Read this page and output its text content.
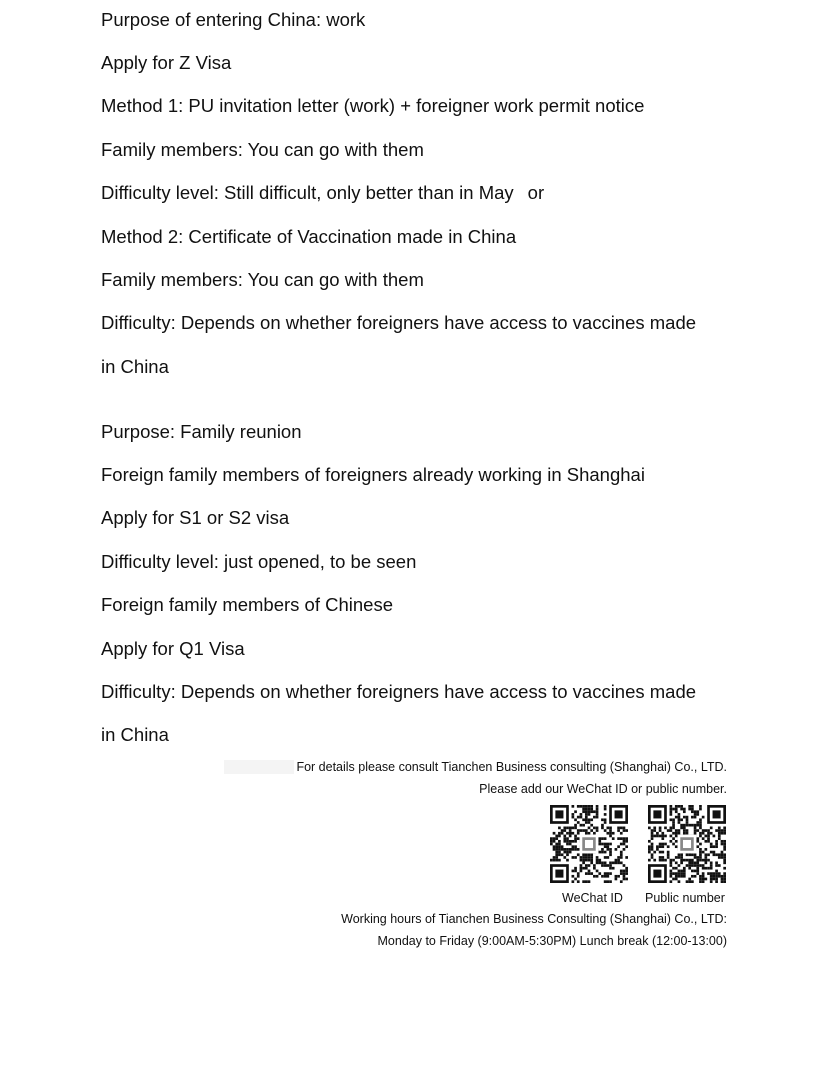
Purpose of entering China: work
Apply for Z Visa
Method 1: PU invitation letter (work) + foreigner work permit notice
Family members: You can go with them
Difficulty level: Still difficult, only better than in May or
Method 2: Certificate of Vaccination made in China
Family members: You can go with them
Difficulty: Depends on whether foreigners have access to vaccines made
in China
Purpose: Family reunion
Foreign family members of foreigners already working in Shanghai
Apply for S1 or S2 visa
Difficulty level: just opened, to be seen
Foreign family members of Chinese
Apply for Q1 Visa
Difficulty: Depends on whether foreigners have access to vaccines made
in China
For details please consult Tianchen Business consulting (Shanghai) Co., LTD.
Please add our WeChat ID or public number.
WeChat ID Public number
Working hours of Tianchen Business Consulting (Shanghai) Co., LTD:
Monday to Friday (9:00AM-5:30PM) Lunch break (12:00-13:00)
